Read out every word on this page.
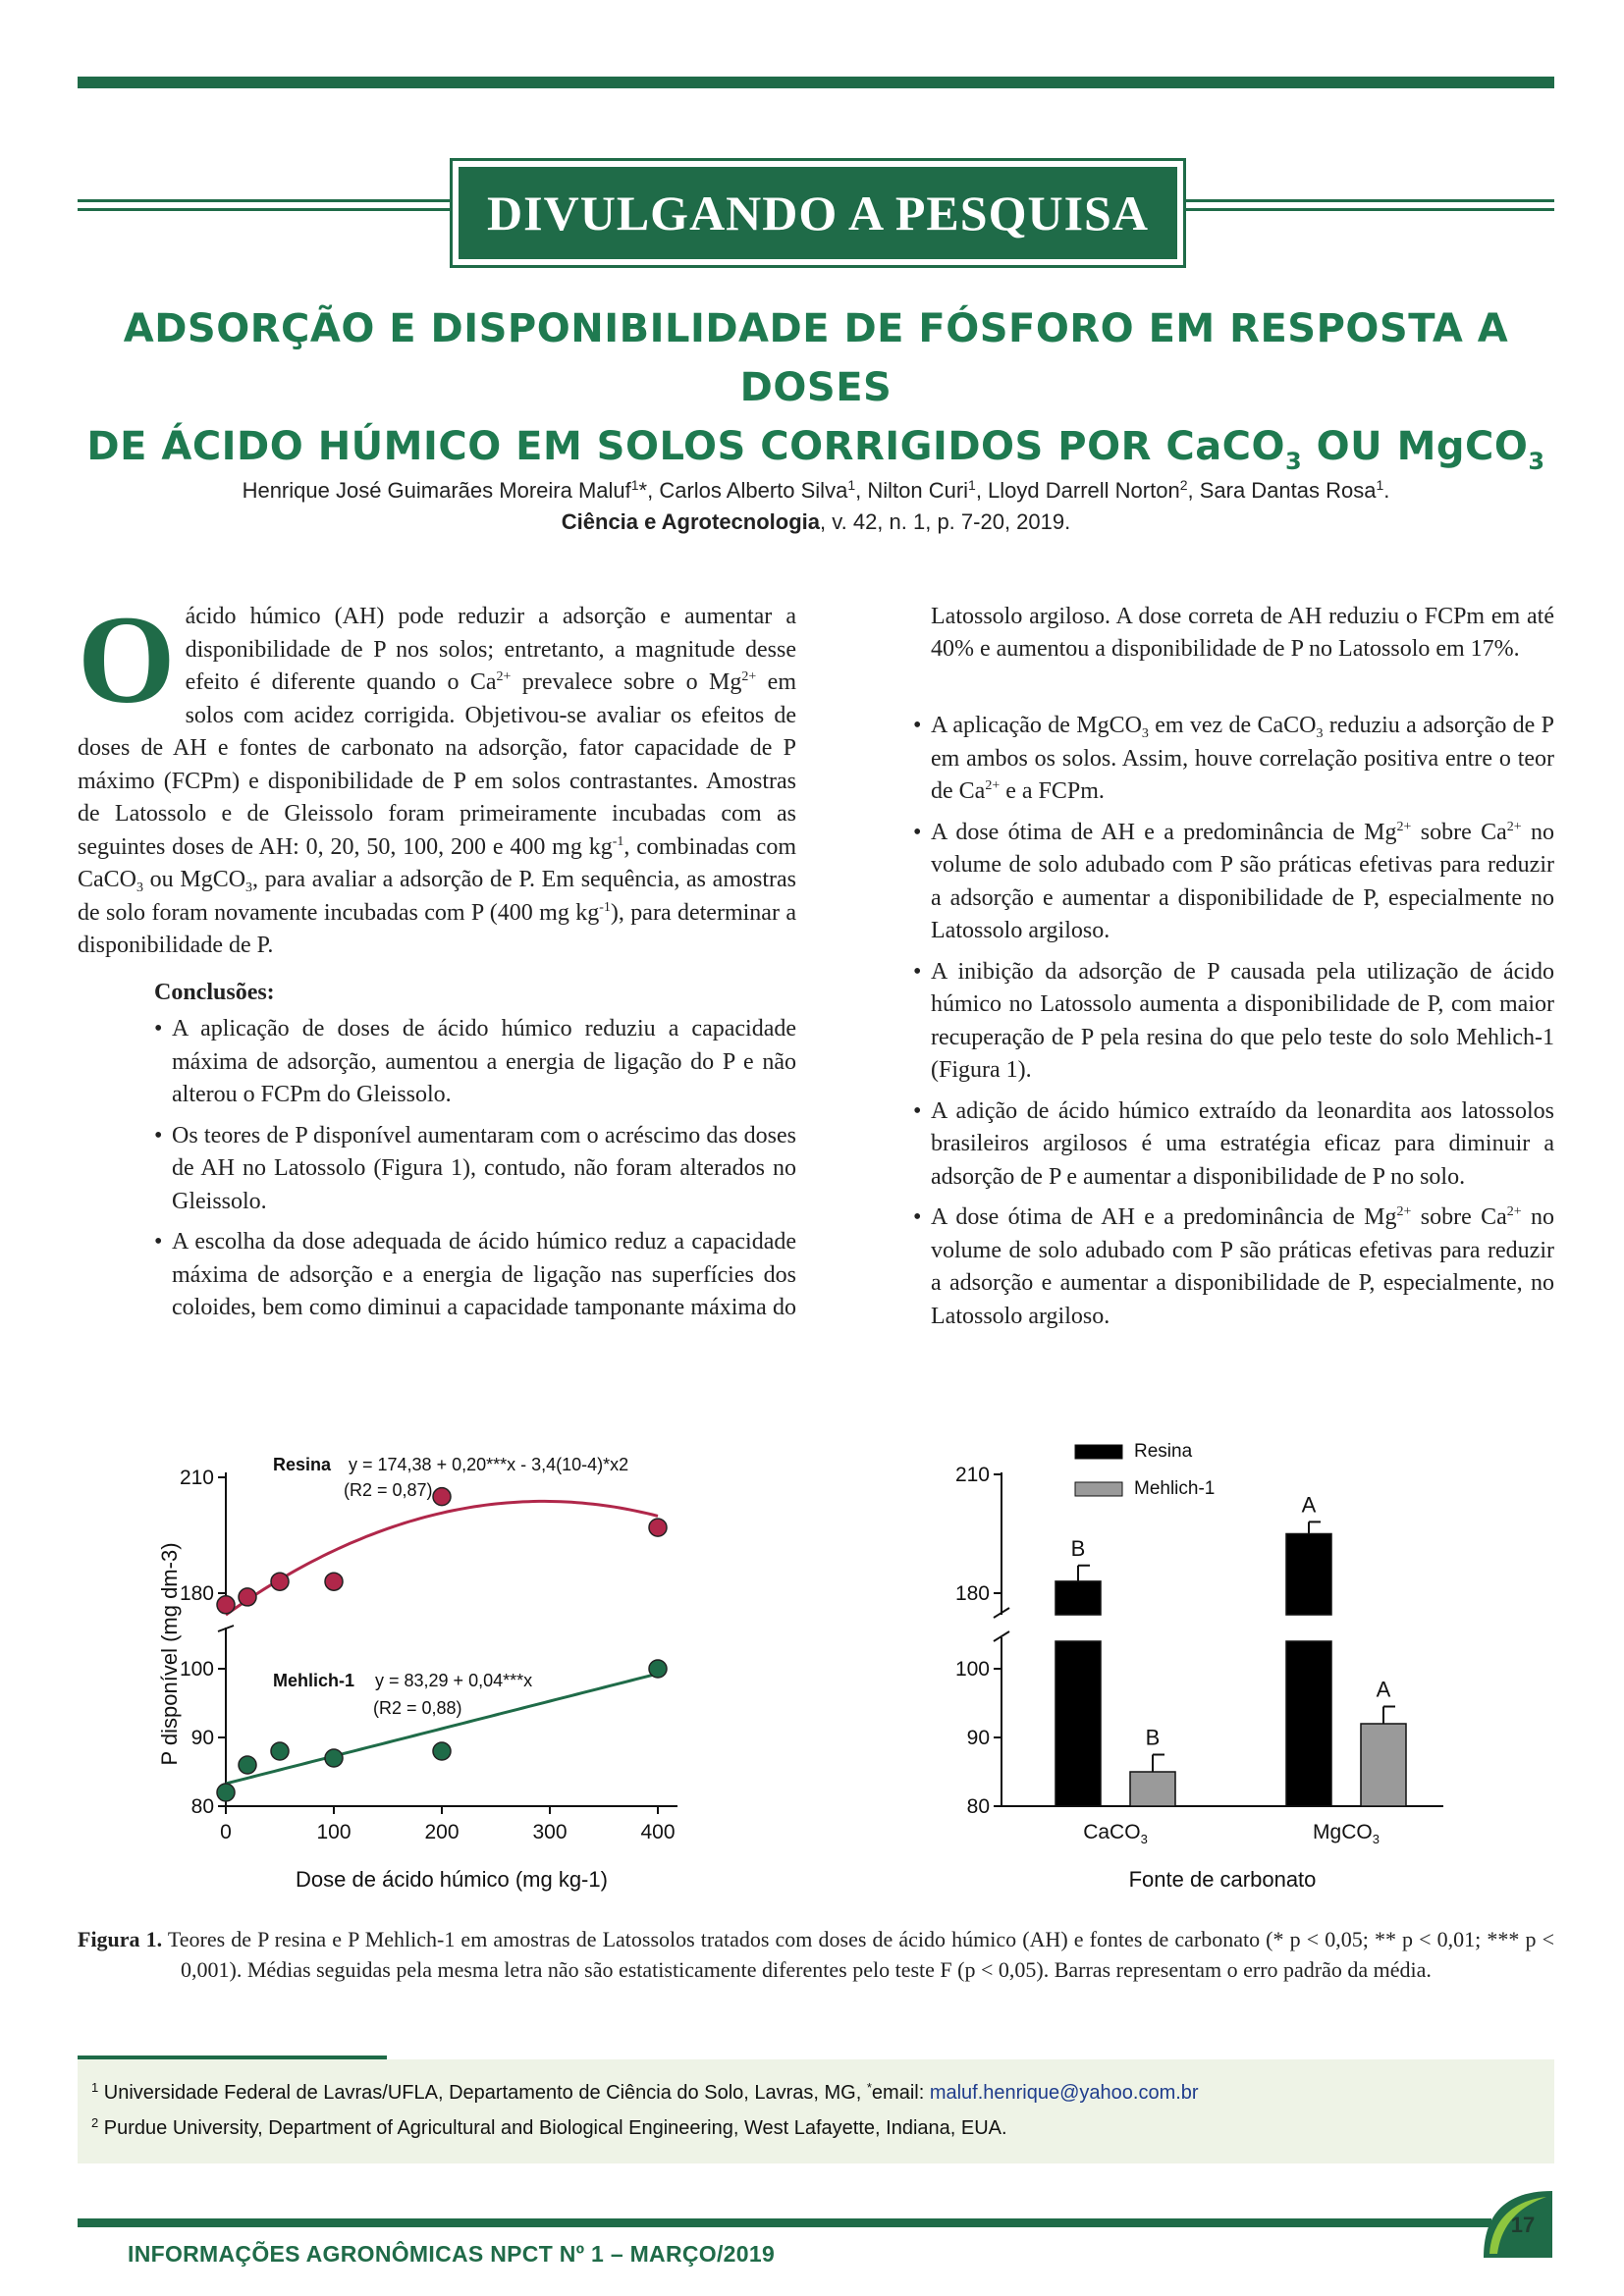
DIVULGANDO A PESQUISA
ADSORÇÃO E DISPONIBILIDADE DE FÓSFORO EM RESPOSTA A DOSES
DE ÁCIDO HÚMICO EM SOLOS CORRIGIDOS POR CaCO$_3$ OU MgCO$_3$
Henrique José Guimarães Moreira Maluf$^1$*, Carlos Alberto Silva$^1$, Nilton Curi$^1$, Lloyd Darrell Norton$^2$, Sara Dantas Rosa$^1$.
Ciência e Agrotecnologia, v. 42, n. 1, p. 7-20, 2019.

Oácido húmico (AH) pode reduzir a adsorção e aumentar a disponibilidade de P nos solos; entretanto, a magnitude desse efeito é diferente quando o $Ca^{2+}$ prevalece sobre o $Mg^{2+}$ em solos com acidez corrigida. Objetivou-se avaliar os efeitos de doses de AH e fontes de carbonato na adsorção, fator capacidade de P máximo (FCPm) e disponibilidade de P em solos contrastantes. Amostras de Latossolo e de Gleissolo foram primeiramente incubadas com as seguintes doses de AH: 0, 20, 50, 100, 200 e 400 mg $kg^{-1}$, combinadas com CaCO$_3$ ou MgCO$_3$, para avaliar a adsorção de P. Em sequência, as amostras de solo foram novamente incubadas com P (400 mg $kg^{-1}$), para determinar a disponibilidade de P.

Conclusões:
• A aplicação de doses de ácido húmico reduziu a capacidade máxima de adsorção, aumentou a energia de ligação do P e não alterou o FCPm do Gleissolo.
• Os teores de P disponível aumentaram com o acréscimo das doses de AH no Latossolo (Figura 1), contudo, não foram alterados no Gleissolo.
• A escolha da dose adequada de ácido húmico reduz a capacidade máxima de adsorção e a energia de ligação nas superfícies dos coloides, bem como diminui a capacidade tamponante máxima do
Latossolo argiloso. A dose correta de AH reduziu o FCPm em até 40% e aumentou a disponibilidade de P no Latossolo em 17%.
• A aplicação de MgCO$_3$ em vez de CaCO$_3$ reduziu a adsorção de P em ambos os solos. Assim, houve correlação positiva entre o teor de $Ca^{2+}$ e a FCPm.
• A dose ótima de AH e a predominância de $Mg^{2+}$ sobre $Ca^{2+}$ no volume de solo adubado com P são práticas efetivas para reduzir a adsorção e aumentar a disponibilidade de P, especialmente no Latossolo argiloso.
• A inibição da adsorção de P causada pela utilização de ácido húmico no Latossolo aumenta a disponibilidade de P, com maior recuperação de P pela resina do que pelo teste do solo Mehlich-1 (Figura 1).
• A adição de ácido húmico extraído da leonardita aos latossolos brasileiros argilosos é uma estratégia eficaz para diminuir a adsorção de P e aumentar a disponibilidade de P no solo.
• A dose ótima de AH e a predominância de $Mg^{2+}$ sobre $Ca^{2+}$ no volume de solo adubado com P são práticas efetivas para reduzir a adsorção e aumentar a disponibilidade de P, especialmente, no Latossolo argiloso.
180
210
80
90
100
0	100	200	300	400
Resina y = 174,38 + 0,20***x - 3,4(10-4)*x2
(R2 = 0,87)
Mehlich-1 y = 83,29 + 0,04***x
(R2 = 0,88)
Dose de ácido húmico (mg kg-1)
P disponível (mg dm-3)	180
210
80
90
100
B
B
CaCO$_3$
A
A
MgCO$_3$
Resina
Mehlich-1
Fonte de carbonato
Figura 1. Teores de P resina e P Mehlich-1 em amostras de Latossolos tratados com doses de ácido húmico (AH) e fontes de carbonato (* p < 0,05; ** p < 0,01; *** p < 0,001). Médias seguidas pela mesma letra não são estatisticamente diferentes pelo teste F (p < 0,05). Barras representam o erro padrão da média.
$^1$ Universidade Federal de Lavras/UFLA, Departamento de Ciência do Solo, Lavras, MG, *email: maluf.henrique@yahoo.com.br
$^2$ Purdue University, Department of Agricultural and Biological Engineering, West Lafayette, Indiana, EUA.
17
INFORMAÇÕES AGRONÔMICAS NPCT Nº 1 – MARÇO/2019
